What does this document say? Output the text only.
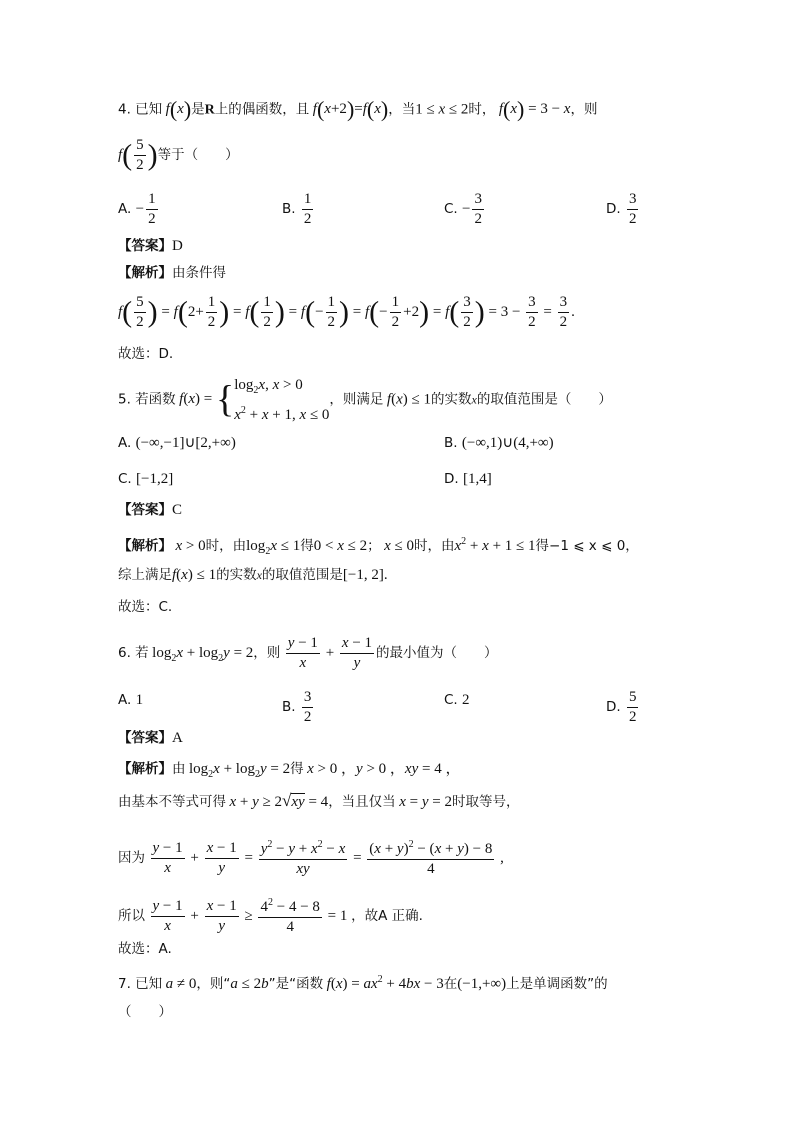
4. 已知 f(x)是R上的偶函数，且 f(x+2)=f(x)，当1 ≤ x ≤ 2时， f(x) = 3 − x，则
$f( \frac{5}{2}$ )等于（　　）
A. − $\frac{1}{2}$	B. $\frac{1}{2}$	C. − $\frac{3}{2}$	D. $\frac{3}{2}$
【答案】D
【解析】由条件得
$f( \frac{5}{2}$ ) = $f(2+ \frac{1}{2}$ ) = $f( \frac{1}{2}$ ) = $f(- \frac{1}{2}$ ) = $f(- \frac{1}{2} +2) = f( \frac{3}{2}$ ) = $3 - \frac{3}{2} = \frac{3}{2}$ .
故选：D.
5. 若函数 f(x) = { $\log_2x$, x > 0
$x^2 + x + 1$, x ≤ 0
，则满足 f(x) ≤ 1的实数x的取值范围是（　　）
A. (−∞,−1]∪[2,+∞)	B. (−∞,1)∪(4,+∞)
C. [−1,2]	D. [1,4]
【答案】C
【解析】 x > 0时，由$\log_2x \le 1$得0 < x ≤ 2； x ≤ 0时，由$x^2 + x + 1 \le 1$得−1 ⩽ x ⩽ 0，
综上满足f(x) ≤ 1的实数x的取值范围是[−1, 2].
故选：C.
6. 若 $\log_2x + \log_2y = 2$，则 $\frac{y - 1}{x} + \frac{x - 1}{y}$ 的最小值为（　　）
A. 1	B. $\frac{3}{2}$	C. 2	D. $\frac{5}{2}$
【答案】A
【解析】由 $\log_2x + \log_2y = 2$得 x > 0 ，y > 0 ，xy = 4 ，
由基本不等式可得 x + y ≥ 2√xy = 4，当且仅当 x = y = 2时取等号，
因为 $\frac{y - 1}{x} + \frac{x - 1}{y} = \frac{y^2 - y + x^2 - x}{xy} = \frac{(x + y)^2 - (x + y) - 8}{4}$ ,
所以 $\frac{y - 1}{x} + \frac{x - 1}{y} \ge \frac{4^2 - 4 - 8}{4} = 1$ ，故A 正确.
故选：A.
7. 已知 a ≠ 0，则“a ≤ 2b”是“函数 $f(x) = ax^2 + 4bx - 3$在(−1,+∞)上是单调函数”的
（　　）
